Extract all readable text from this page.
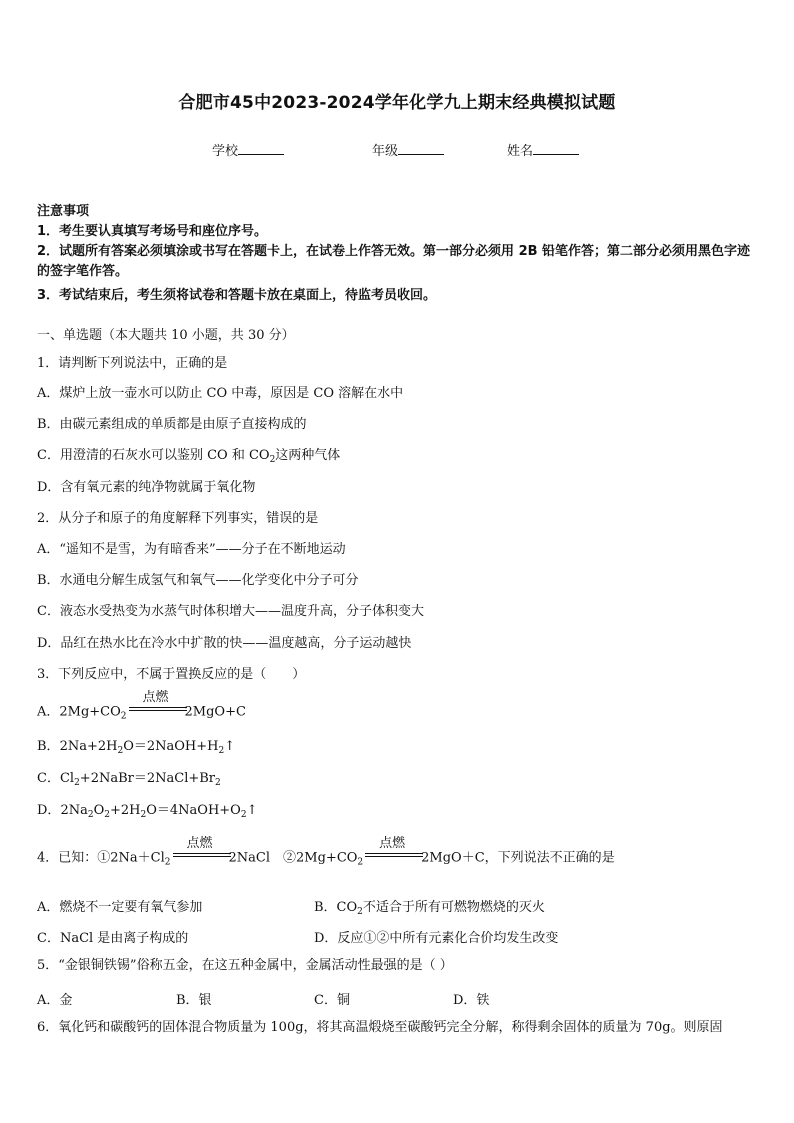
合肥市45中2023-2024学年化学九上期末经典模拟试题
学校	年级	姓名
注意事项
1．考生要认真填写考场号和座位序号。
2．试题所有答案必须填涂或书写在答题卡上，在试卷上作答无效。第一部分必须用 2B 铅笔作答；第二部分必须用黑色字迹的签字笔作答。
3．考试结束后，考生须将试卷和答题卡放在桌面上，待监考员收回。
一、单选题（本大题共 10 小题，共 30 分）
1．请判断下列说法中，正确的是
A．煤炉上放一壶水可以防止 CO 中毒，原因是 CO 溶解在水中
B．由碳元素组成的单质都是由原子直接构成的
C．用澄清的石灰水可以鉴别 CO 和 $CO_2$这两种气体
D．含有氧元素的纯净物就属于氧化物
2．从分子和原子的角度解释下列事实，错误的是
A．“遥知不是雪，为有暗香来”——分子在不断地运动
B．水通电分解生成氢气和氧气——化学变化中分子可分
C．液态水受热变为水蒸气时体积增大——温度升高，分子体积变大
D．品红在热水比在冷水中扩散的快——温度越高，分子运动越快
3．下列反应中，不属于置换反应的是（　　）
A．$2Mg+CO_2$
点燃
2MgO+C
B．$2Na+2H_2O=2NaOH+H_2↑$
C．$Cl_2+2NaBr=2NaCl+Br_2$
D．$2Na_2O_2+2H_2O=4NaOH+O_2↑$
4．已知：$①2Na+Cl_2$
点燃
2NaCl　$②2Mg+CO_2$
点燃
2MgO＋C，下列说法不正确的是
A．燃烧不一定要有氧气参加	B．$CO_2$不适合于所有可燃物燃烧的灭火
C．NaCl 是由离子构成的	D．反应①②中所有元素化合价均发生改变
5．“金银铜铁锡”俗称五金，在这五种金属中，金属活动性最强的是（ ）
A．金	B．银	C．铜	D．铁
6．氧化钙和碳酸钙的固体混合物质量为 100g，将其高温煅烧至碳酸钙完全分解，称得剩余固体的质量为 70g。则原固
